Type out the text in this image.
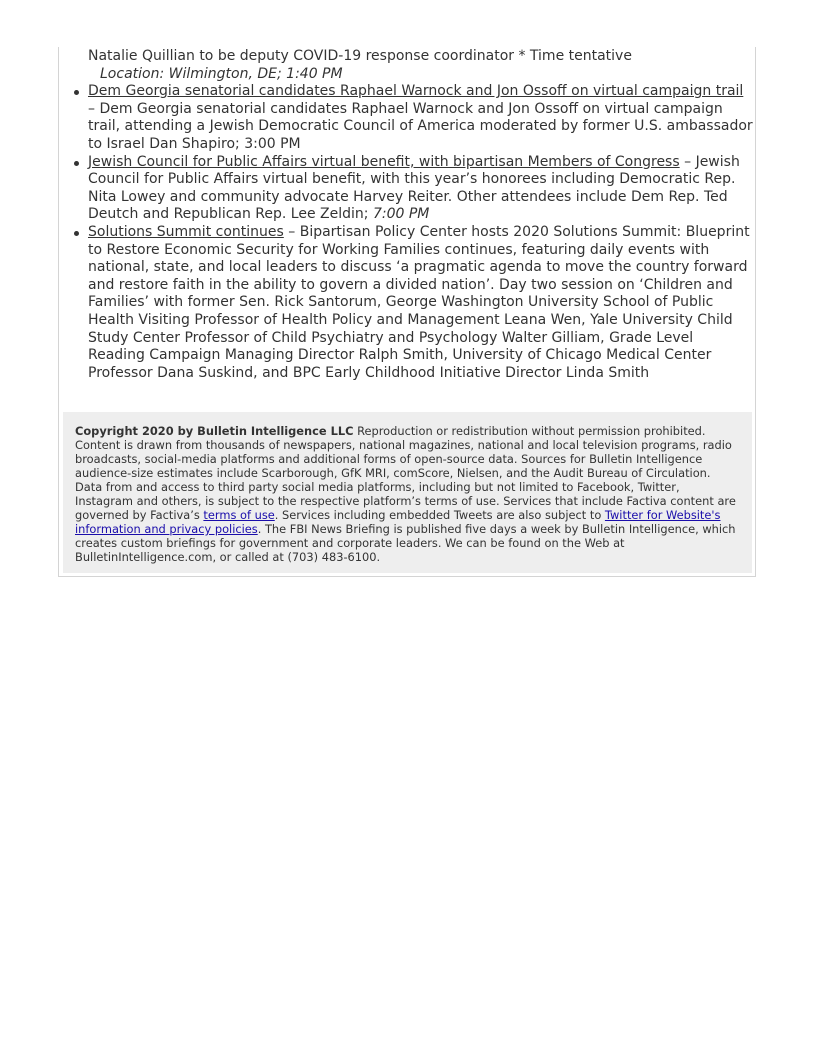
Natalie Quillian to be deputy COVID-19 response coordinator * Time tentative

Location: Wilmington, DE; 1:40 PM

Dem Georgia senatorial candidates Raphael Warnock and Jon Ossoff on virtual campaign trail – Dem Georgia senatorial candidates Raphael Warnock and Jon Ossoff on virtual campaign trail, attending a Jewish Democratic Council of America moderated by former U.S. ambassador to Israel Dan Shapiro; 3:00 PM
Jewish Council for Public Affairs virtual benefit, with bipartisan Members of Congress – Jewish Council for Public Affairs virtual benefit, with this year’s honorees including Democratic Rep. Nita Lowey and community advocate Harvey Reiter. Other attendees include Dem Rep. Ted Deutch and Republican Rep. Lee Zeldin; 7:00 PM
Solutions Summit continues – Bipartisan Policy Center hosts 2020 Solutions Summit: Blueprint to Restore Economic Security for Working Families continues, featuring daily events with national, state, and local leaders to discuss ‘a pragmatic agenda to move the country forward and restore faith in the ability to govern a divided nation’. Day two session on ‘Children and Families’ with former Sen. Rick Santorum, George Washington University School of Public Health Visiting Professor of Health Policy and Management Leana Wen, Yale University Child Study Center Professor of Child Psychiatry and Psychology Walter Gilliam, Grade Level Reading Campaign Managing Director Ralph Smith, University of Chicago Medical Center Professor Dana Suskind, and BPC Early Childhood Initiative Director Linda Smith
Copyright 2020 by Bulletin Intelligence LLC Reproduction or redistribution without permission prohibited. Content is drawn from thousands of newspapers, national magazines, national and local television programs, radio broadcasts, social-media platforms and additional forms of open-source data. Sources for Bulletin Intelligence audience-size estimates include Scarborough, GfK MRI, comScore, Nielsen, and the Audit Bureau of Circulation. Data from and access to third party social media platforms, including but not limited to Facebook, Twitter, Instagram and others, is subject to the respective platform’s terms of use. Services that include Factiva content are governed by Factiva’s terms of use. Services including embedded Tweets are also subject to Twitter for Website's information and privacy policies. The FBI News Briefing is published five days a week by Bulletin Intelligence, which creates custom briefings for government and corporate leaders. We can be found on the Web at BulletinIntelligence.com, or called at (703) 483-6100.
